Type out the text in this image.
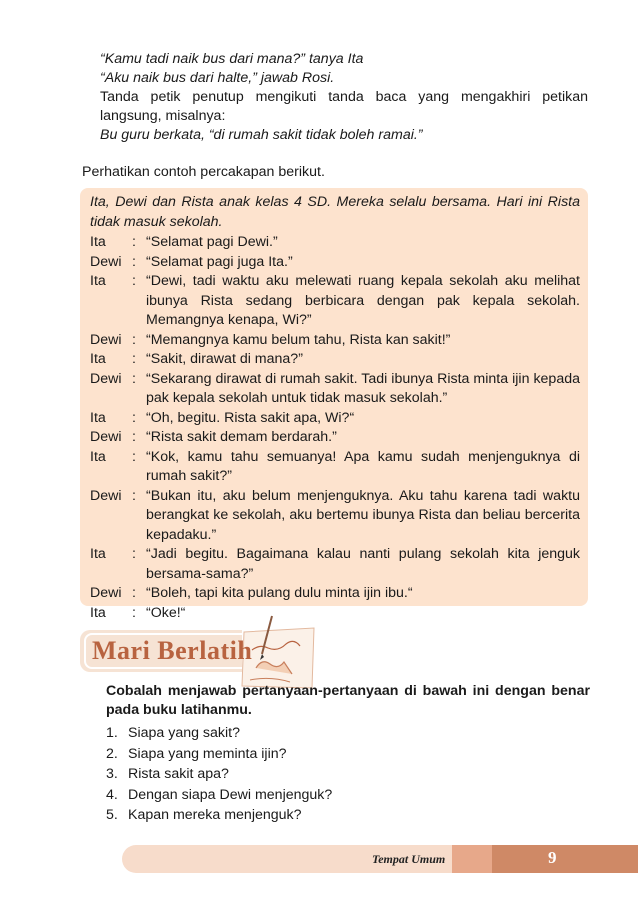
“Kamu tadi naik bus dari mana?” tanya Ita

“Aku naik bus dari halte,” jawab Rosi.

Tanda petik penutup mengikuti tanda baca yang mengakhiri petikan langsung, misalnya:

Bu guru berkata, “di rumah sakit tidak boleh ramai.”

Perhatikan contoh percakapan berikut.

Ita, Dewi dan Rista anak kelas 4 SD. Mereka selalu bersama. Hari ini Rista tidak masuk sekolah.

Ita	: “Selamat pagi Dewi.”
Dewi : “Selamat pagi juga Ita.”
Ita	: “Dewi, tadi waktu aku melewati ruang kepala sekolah aku melihat ibunya Rista sedang berbicara dengan pak kepala sekolah. Memangnya kenapa, Wi?”
Dewi : “Memangnya kamu belum tahu, Rista kan sakit!”
Ita	: “Sakit, dirawat di mana?”
Dewi : “Sekarang dirawat di rumah sakit. Tadi ibunya Rista minta ijin kepada pak kepala sekolah untuk tidak masuk sekolah.”
Ita	: “Oh, begitu. Rista sakit apa, Wi?“
Dewi : “Rista sakit demam berdarah.”
Ita	: “Kok, kamu tahu semuanya! Apa kamu sudah menjenguknya di rumah sakit?”
Dewi : “Bukan itu, aku belum menjenguknya. Aku tahu karena tadi waktu berangkat ke sekolah, aku bertemu ibunya Rista dan beliau bercerita kepadaku.”
Ita	: “Jadi begitu. Bagaimana kalau nanti pulang sekolah kita jenguk bersama-sama?”
Dewi : “Boleh, tapi kita pulang dulu minta ijin ibu.“
Ita	: “Oke!“
Mari Berlatih

Cobalah menjawab pertanyaan-pertanyaan di bawah ini dengan benar pada buku latihanmu.

1. Siapa yang sakit?
2. Siapa yang meminta ijin?
3. Rista sakit apa?
4. Dengan siapa Dewi menjenguk?
5. Kapan mereka menjenguk?
Tempat Umum	9
